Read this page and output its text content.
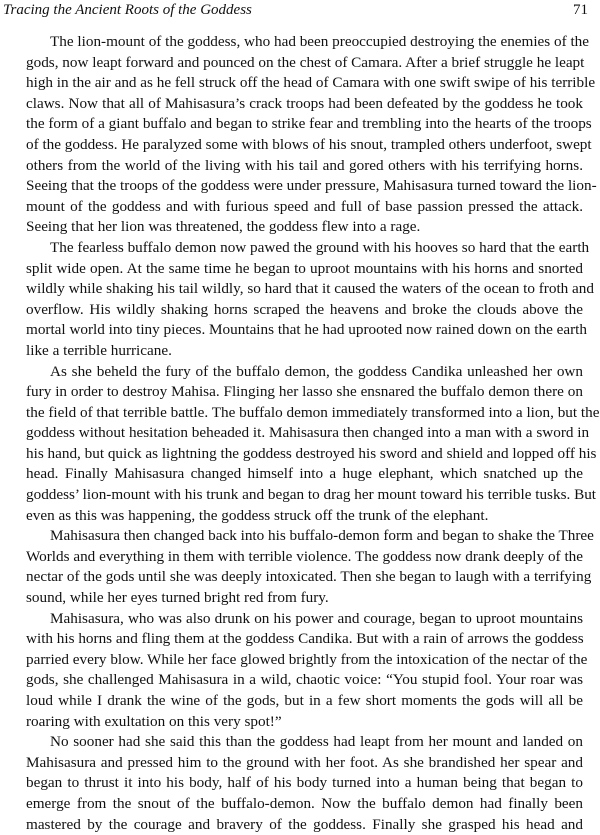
Tracing the Ancient Roots of the Goddess	71
The lion-mount of the goddess, who had been preoccupied destroying the enemies of the
gods, now leapt forward and pounced on the chest of Camara. After a brief struggle he leapt
high in the air and as he fell struck off the head of Camara with one swift swipe of his terrible
claws. Now that all of Mahisasura’s crack troops had been defeated by the goddess he took
the form of a giant buffalo and began to strike fear and trembling into the hearts of the troops
of the goddess. He paralyzed some with blows of his snout, trampled others underfoot, swept
others from the world of the living with his tail and gored others with his terrifying horns.
Seeing that the troops of the goddess were under pressure, Mahisasura turned toward the lion-
mount of the goddess and with furious speed and full of base passion pressed the attack.
Seeing that her lion was threatened, the goddess flew into a rage.
The fearless buffalo demon now pawed the ground with his hooves so hard that the earth
split wide open. At the same time he began to uproot mountains with his horns and snorted
wildly while shaking his tail wildly, so hard that it caused the waters of the ocean to froth and
overflow. His wildly shaking horns scraped the heavens and broke the clouds above the
mortal world into tiny pieces. Mountains that he had uprooted now rained down on the earth
like a terrible hurricane.
As she beheld the fury of the buffalo demon, the goddess Candika unleashed her own
fury in order to destroy Mahisa. Flinging her lasso she ensnared the buffalo demon there on
the field of that terrible battle. The buffalo demon immediately transformed into a lion, but the
goddess without hesitation beheaded it. Mahisasura then changed into a man with a sword in
his hand, but quick as lightning the goddess destroyed his sword and shield and lopped off his
head. Finally Mahisasura changed himself into a huge elephant, which snatched up the
goddess’ lion-mount with his trunk and began to drag her mount toward his terrible tusks. But
even as this was happening, the goddess struck off the trunk of the elephant.
Mahisasura then changed back into his buffalo-demon form and began to shake the Three
Worlds and everything in them with terrible violence. The goddess now drank deeply of the
nectar of the gods until she was deeply intoxicated. Then she began to laugh with a terrifying
sound, while her eyes turned bright red from fury.
Mahisasura, who was also drunk on his power and courage, began to uproot mountains
with his horns and fling them at the goddess Candika. But with a rain of arrows the goddess
parried every blow. While her face glowed brightly from the intoxication of the nectar of the
gods, she challenged Mahisasura in a wild, chaotic voice: “You stupid fool. Your roar was
loud while I drank the wine of the gods, but in a few short moments the gods will all be
roaring with exultation on this very spot!”
No sooner had she said this than the goddess had leapt from her mount and landed on
Mahisasura and pressed him to the ground with her foot. As she brandished her spear and
began to thrust it into his body, half of his body turned into a human being that began to
emerge from the snout of the buffalo-demon. Now the buffalo demon had finally been
mastered by the courage and bravery of the goddess. Finally she grasped his head and
